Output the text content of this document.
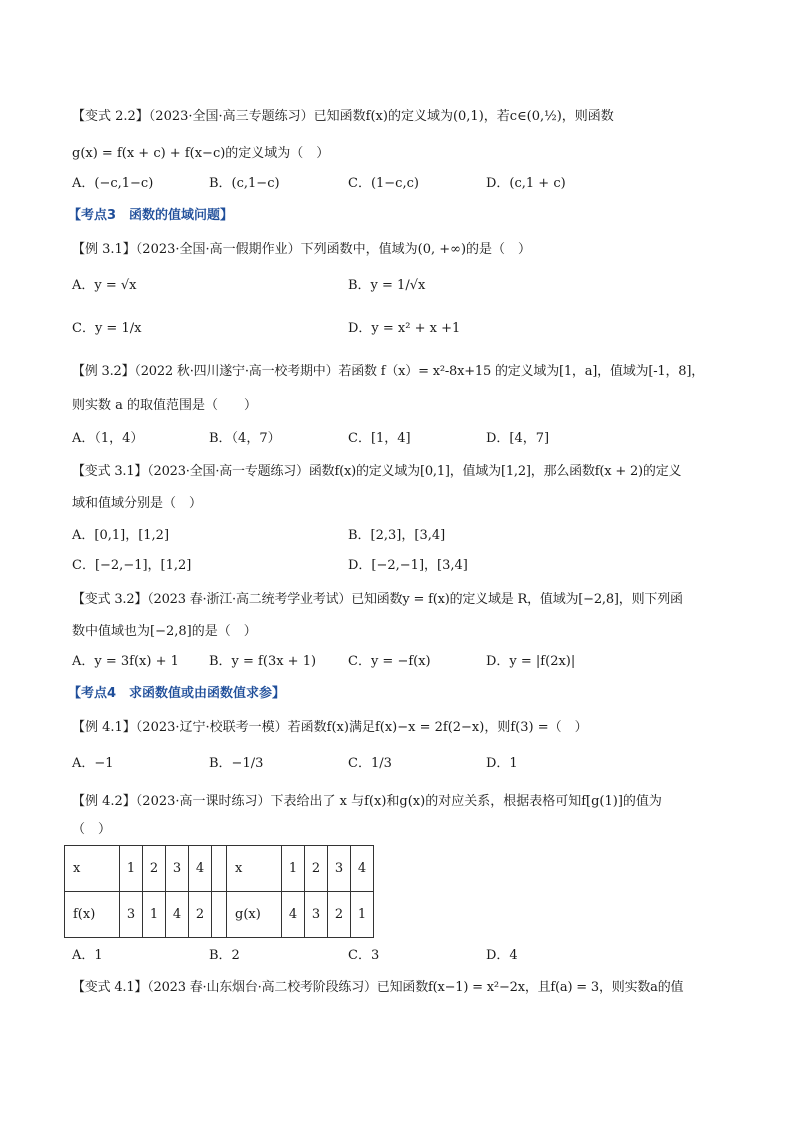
【变式 2.2】（2023·全国·高三专题练习）已知函数f(x)的定义域为(0,1)，若c∈(0,½)，则函数
g(x) = f(x + c) + f(x−c)的定义域为（　）
A．(−c,1−c)	B．(c,1−c)	C．(1−c,c)	D．(c,1 + c)
【考点3　函数的值域问题】
【例 3.1】（2023·全国·高一假期作业）下列函数中，值域为(0, +∞)的是（　）
A．y = √x	B．y = 1/√x
C．y = 1/x	D．y = x² + x +1
【例 3.2】（2022 秋·四川遂宁·高一校考期中）若函数 f（x）= x²-8x+15 的定义域为[1，a]，值域为[-1，8]，
则实数 a 的取值范围是（　　）
A．（1，4）	B．（4，7）	C．[1，4]	D．[4，7]
【变式 3.1】（2023·全国·高一专题练习）函数f(x)的定义域为[0,1]，值域为[1,2]，那么函数f(x + 2)的定义
域和值域分别是（　）
A．[0,1]，[1,2]	B．[2,3]，[3,4]
C．[−2,−1]，[1,2]	D．[−2,−1]，[3,4]
【变式 3.2】（2023 春·浙江·高二统考学业考试）已知函数y = f(x)的定义域是 R，值域为[−2,8]，则下列函
数中值域也为[−2,8]的是（　）
A．y = 3f(x) + 1 B．y = f(3x + 1) C．y = −f(x)	D．y = |f(2x)|
【考点4　求函数值或由函数值求参】
【例 4.1】（2023·辽宁·校联考一模）若函数f(x)满足f(x)−x = 2f(2−x)，则f(3) =（　）
A．−1	B．−1/3	C．1/3	D．1
【例 4.2】（2023·高一课时练习）下表给出了 x 与f(x)和g(x)的对应关系，根据表格可知f[g(1)]的值为
（　）
x	1	2	3	4		x	1	2	3	4
f(x)	3	1	4	2		g(x)	4	3	2	1
A．1	B．2	C．3	D．4
【变式 4.1】（2023 春·山东烟台·高二校考阶段练习）已知函数f(x−1) = x²−2x，且f(a) = 3，则实数a的值
